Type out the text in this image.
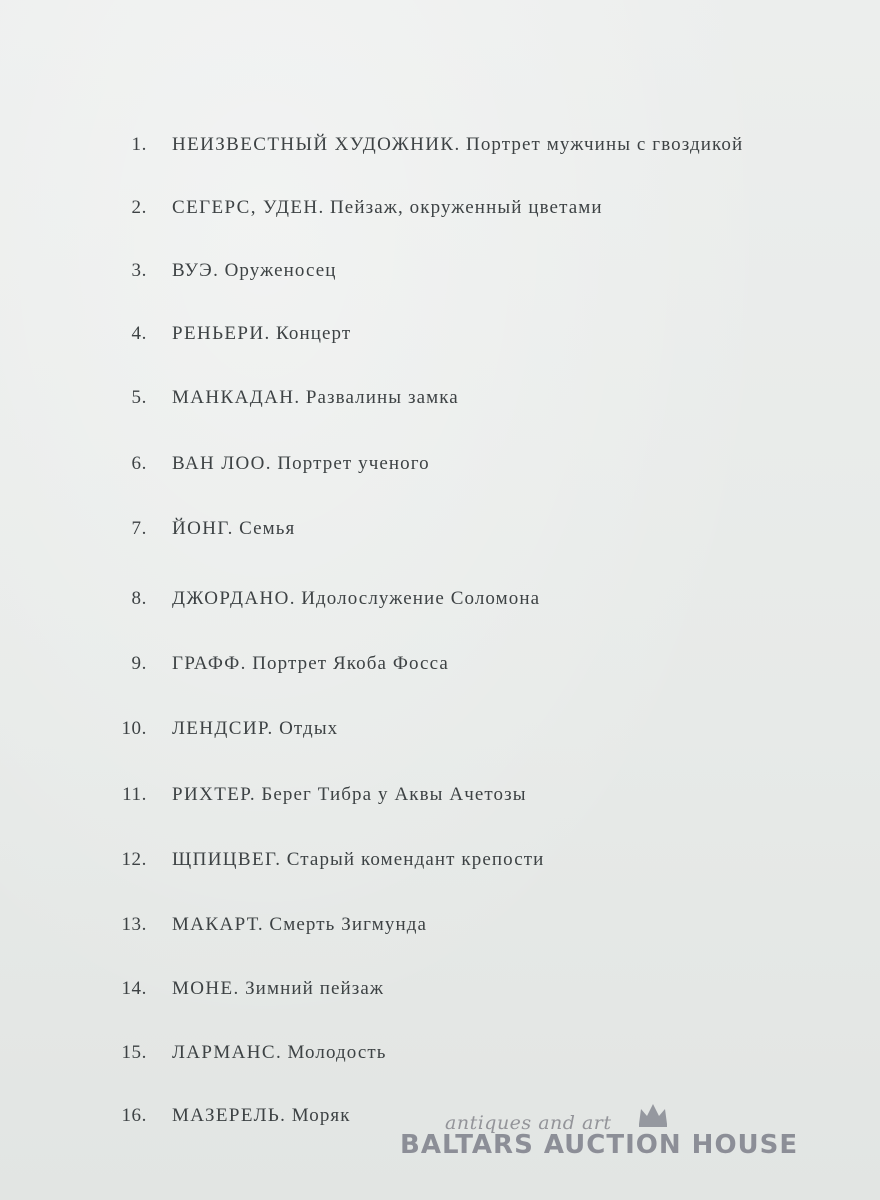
1. НЕИЗВЕСТНЫЙ ХУДОЖНИК. Портрет мужчины с гвоздикой
2. СЕГЕРС, УДЕН. Пейзаж, окруженный цветами
3. ВУЭ. Оруженосец
4. РЕНЬЕРИ. Концерт
5. МАНКАДАН. Развалины замка
6. ВАН ЛОО. Портрет ученого
7. ЙОНГ. Семья
8. ДЖОРДАНО. Идолослужение Соломона
9. ГРАФФ. Портрет Якоба Фосса
10. ЛЕНДСИР. Отдых
11. РИХТЕР. Берег Тибра у Аквы Ачетозы
12. ЩПИЦВЕГ. Старый комендант крепости
13. МАКАРТ. Смерть Зигмунда
14. МОНЕ. Зимний пейзаж
15. ЛАРМАНС. Молодость
16. МАЗЕРЕЛЬ. Моряк	antiques and art
BALTARS AUCTION HOUSE
